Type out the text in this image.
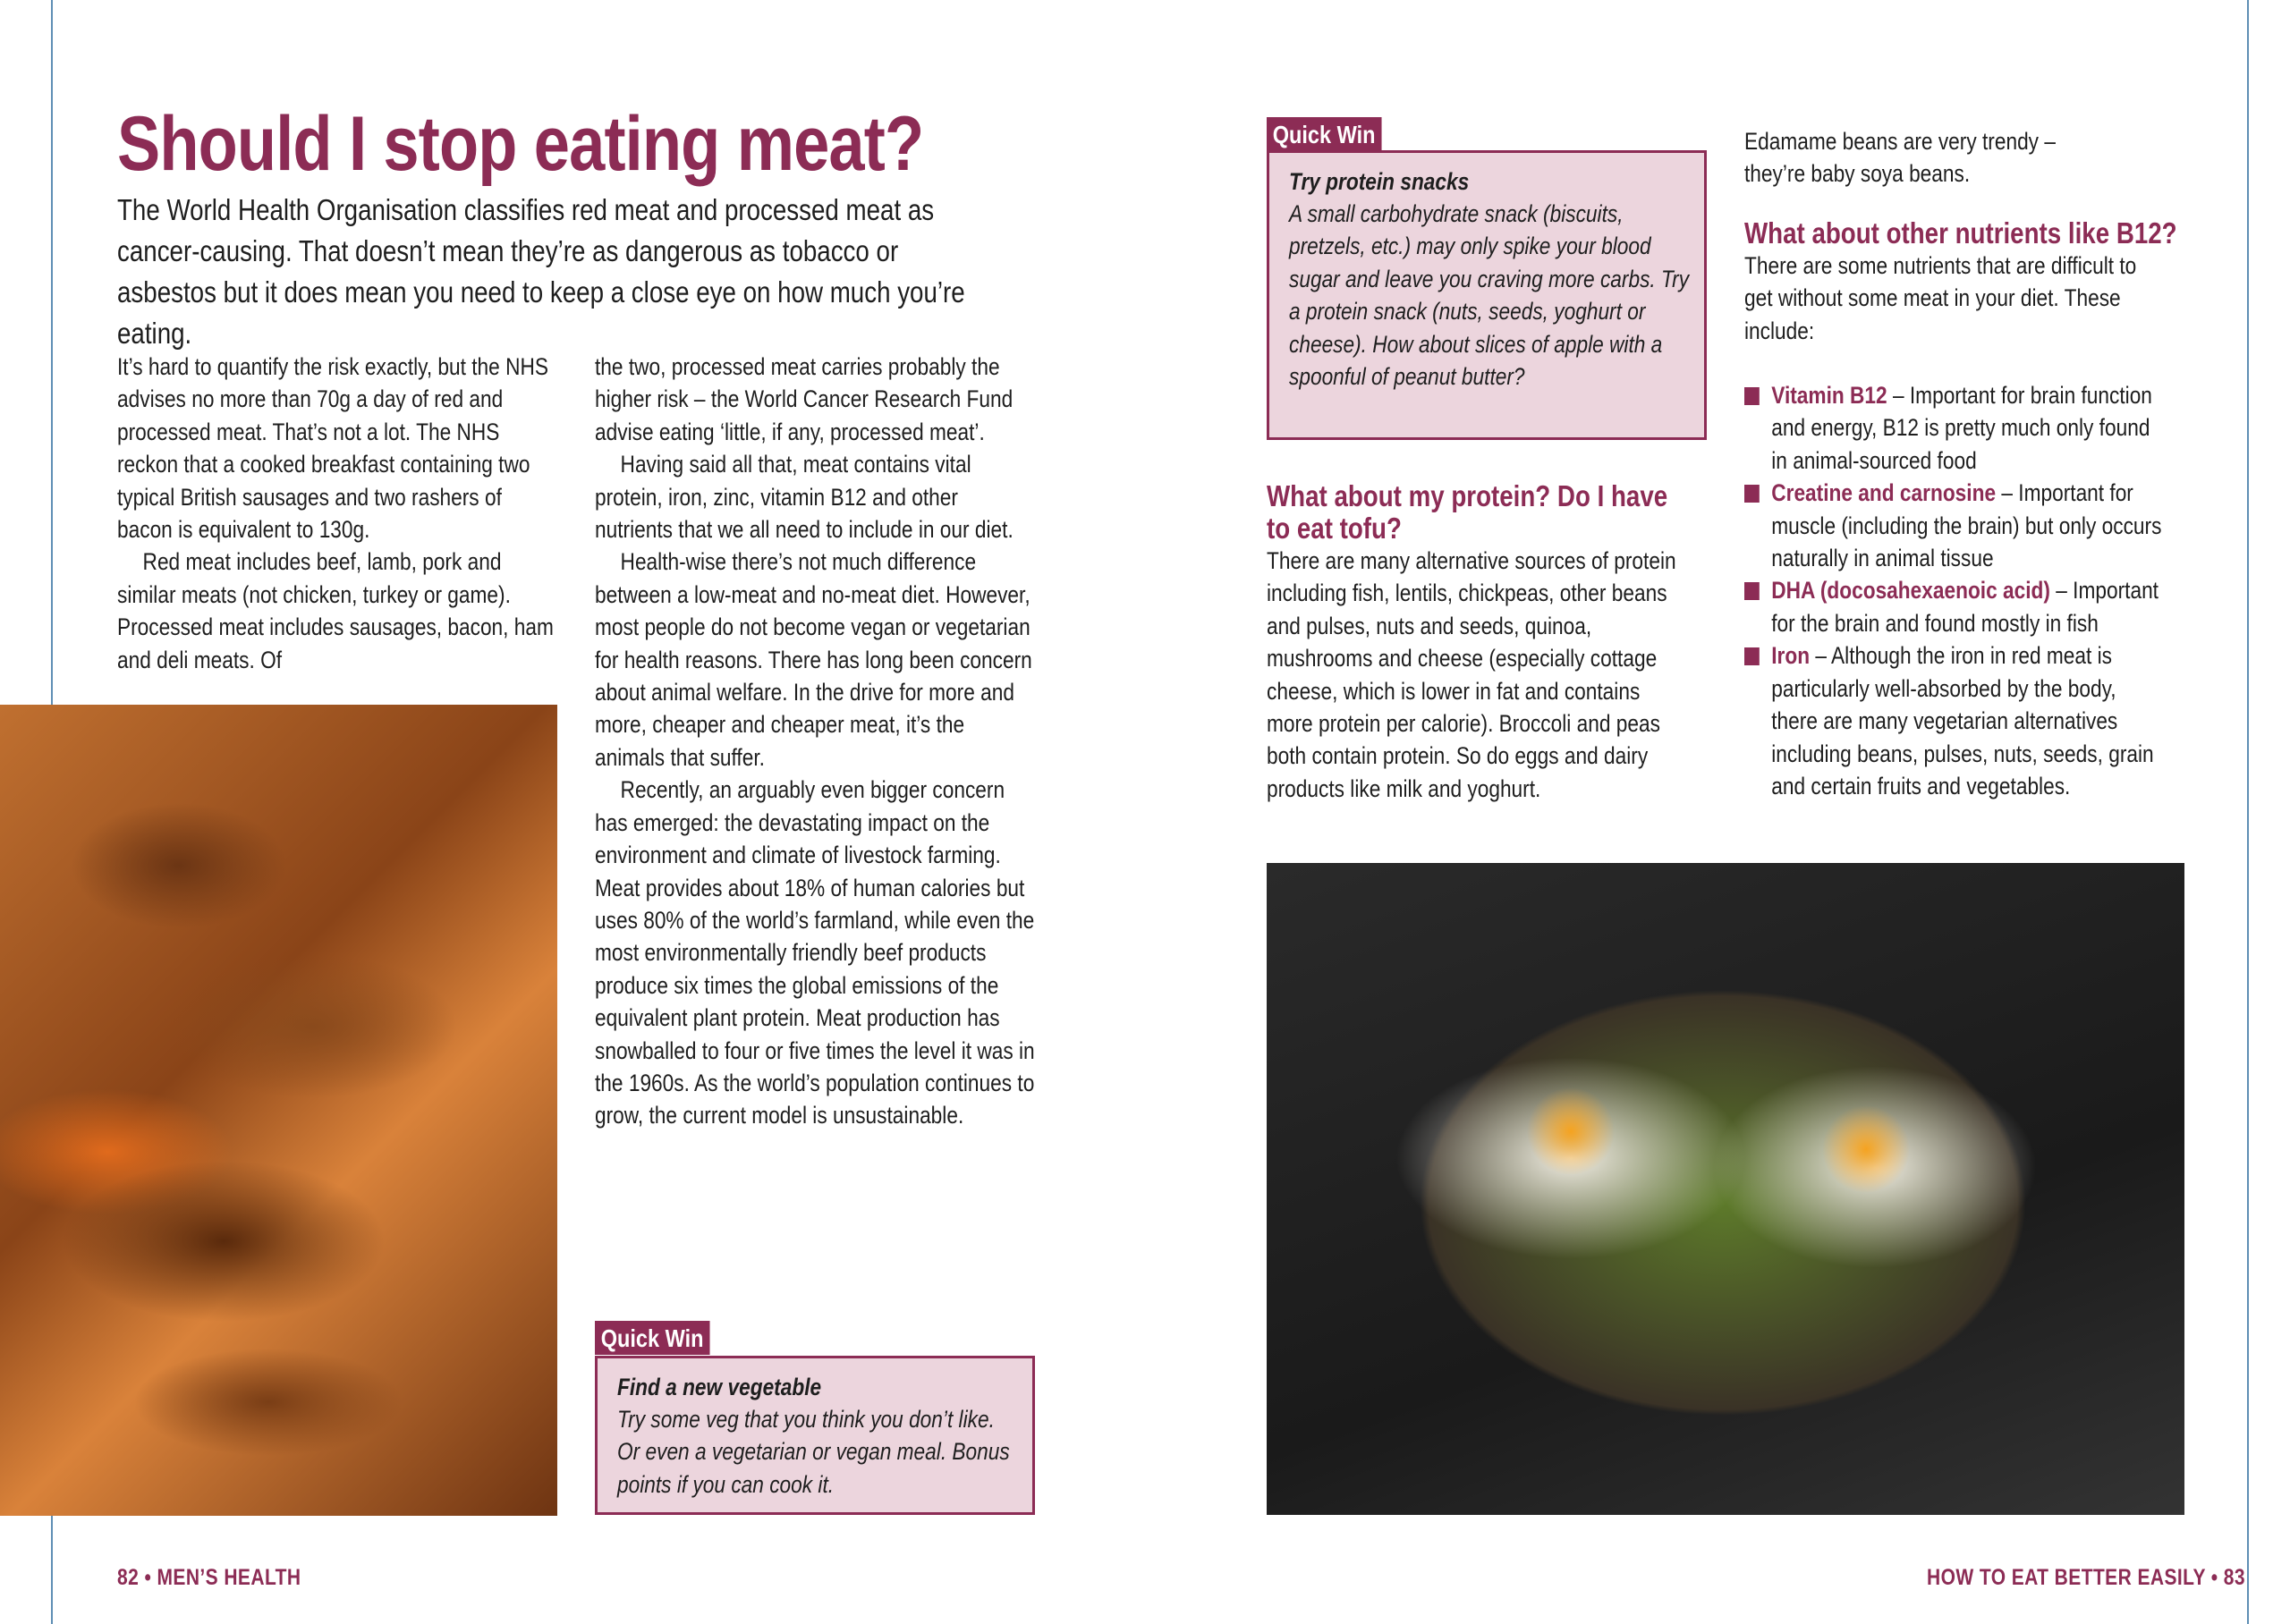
Should I stop eating meat?
The World Health Organisation classifies red meat and processed meat as cancer-causing. That doesn’t mean they’re as dangerous as tobacco or asbestos but it does mean you need to keep a close eye on how much you’re eating.

It’s hard to quantify the risk exactly, but the NHS advises no more than 70g a day of red and processed meat. That’s not a lot. The NHS reckon that a cooked breakfast containing two typical British sausages and two rashers of bacon is equivalent to 130g.

Red meat includes beef, lamb, pork and similar meats (not chicken, turkey or game). Processed meat includes sausages, bacon, ham and deli meats. Of

the two, processed meat carries probably the higher risk – the World Cancer Research Fund advise eating ‘little, if any, processed meat’.

Having said all that, meat contains vital protein, iron, zinc, vitamin B12 and other nutrients that we all need to include in our diet.

Health-wise there’s not much difference between a low-meat and no-meat diet. However, most people do not become vegan or vegetarian for health reasons. There has long been concern about animal welfare. In the drive for more and more, cheaper and cheaper meat, it’s the animals that suffer.

Recently, an arguably even bigger concern has emerged: the devastating impact on the environment and climate of livestock farming. Meat provides about 18% of human calories but uses 80% of the world’s farmland, while even the most environmentally friendly beef products produce six times the global emissions of the equivalent plant protein. Meat production has snowballed to four or five times the level it was in the 1960s. As the world’s population continues to grow, the current model is unsustainable.

Quick Win
Find a new vegetable
Try some veg that you think you don’t like. Or even a vegetarian or vegan meal. Bonus points if you can cook it.
82 • MEN’S HEALTH
Quick Win
Try protein snacks
A small carbohydrate snack (biscuits, pretzels, etc.) may only spike your blood sugar and leave you craving more carbs. Try a protein snack (nuts, seeds, yoghurt or cheese). How about slices of apple with a spoonful of peanut butter?
What about my protein? Do I have to eat tofu?
There are many alternative sources of protein including fish, lentils, chickpeas, other beans and pulses, nuts and seeds, quinoa, mushrooms and cheese (especially cottage cheese, which is lower in fat and contains more protein per calorie). Broccoli and peas both contain protein. So do eggs and dairy products like milk and yoghurt.
Edamame beans are very trendy – they’re baby soya beans.
What about other nutrients like B12?
There are some nutrients that are difficult to get without some meat in your diet. These include:
Vitamin B12 – Important for brain function and energy, B12 is pretty much only found in animal-sourced food
Creatine and carnosine – Important for muscle (including the brain) but only occurs naturally in animal tissue
DHA (docosahexaenoic acid) – Important for the brain and found mostly in fish
Iron – Although the iron in red meat is particularly well-absorbed by the body, there are many vegetarian alternatives including beans, pulses, nuts, seeds, grain and certain fruits and vegetables.
HOW TO EAT BETTER EASILY • 83
